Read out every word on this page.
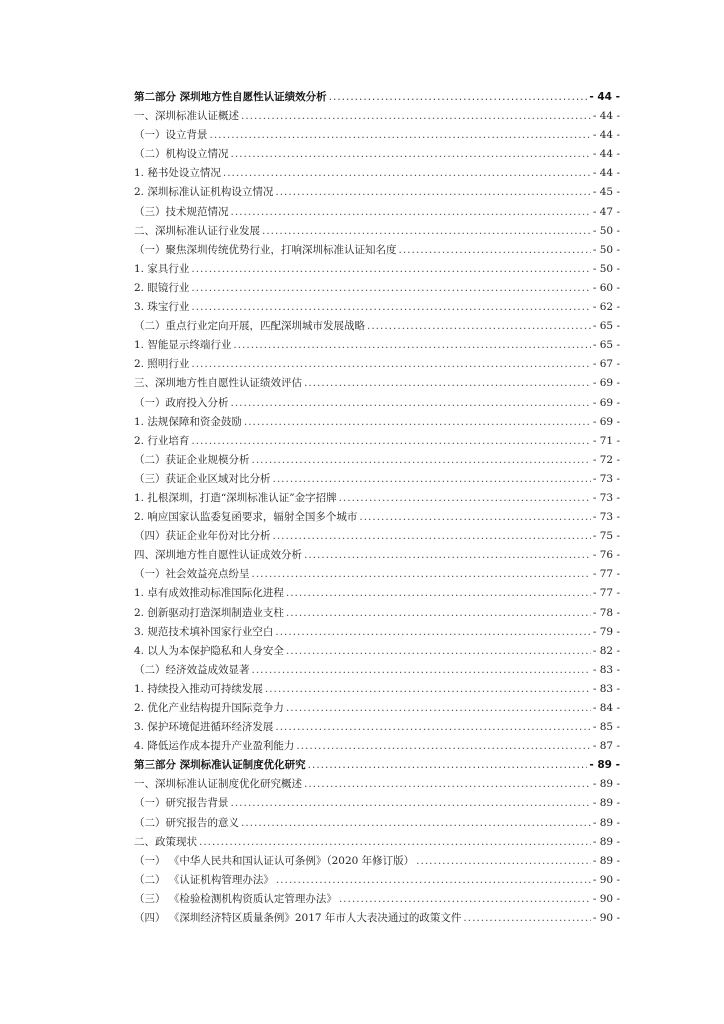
第二部分 深圳地方性自愿性认证绩效分析 .....	- 44 -
一、深圳标准认证概述 .....	- 44 -
（一）设立背景 .....	- 44 -
（二）机构设立情况 .....	- 44 -
1. 秘书处设立情况 .....	- 44 -
2. 深圳标准认证机构设立情况 .....	- 45 -
（三）技术规范情况 .....	- 47 -
二、深圳标准认证行业发展 .....	- 50 -
（一）聚焦深圳传统优势行业，打响深圳标准认证知名度 .....	- 50 -
1. 家具行业 .....	- 50 -
2. 眼镜行业 .....	- 60 -
3. 珠宝行业 .....	- 62 -
（二）重点行业定向开展，匹配深圳城市发展战略 .....	- 65 -
1. 智能显示终端行业 .....	- 65 -
2. 照明行业 .....	- 67 -
三、深圳地方性自愿性认证绩效评估 .....	- 69 -
（一）政府投入分析 .....	- 69 -
1. 法规保障和资金鼓励 .....	- 69 -
2. 行业培育 .....	- 71 -
（二）获证企业规模分析 .....	- 72 -
（三）获证企业区域对比分析 .....	- 73 -
1. 扎根深圳，打造“深圳标准认证”金字招牌 .....	- 73 -
2. 响应国家认监委复函要求，辐射全国多个城市 .....	- 73 -
（四）获证企业年份对比分析 .....	- 75 -
四、深圳地方性自愿性认证成效分析 .....	- 76 -
（一）社会效益亮点纷呈 .....	- 77 -
1. 卓有成效推动标准国际化进程 .....	- 77 -
2. 创新驱动打造深圳制造业支柱 .....	- 78 -
3. 规范技术填补国家行业空白 .....	- 79 -
4. 以人为本保护隐私和人身安全 .....	- 82 -
（二）经济效益成效显著 .....	- 83 -
1. 持续投入推动可持续发展 .....	- 83 -
2. 优化产业结构提升国际竞争力 .....	- 84 -
3. 保护环境促进循环经济发展 .....	- 85 -
4. 降低运作成本提升产业盈利能力 .....	- 87 -
第三部分 深圳标准认证制度优化研究 .....	- 89 -
一、深圳标准认证制度优化研究概述 .....	- 89 -
（一）研究报告背景 .....	- 89 -
（二）研究报告的意义 .....	- 89 -
二、政策现状 .....	- 89 -
（一） 《中华人民共和国认证认可条例》（2020 年修订版） .....	- 89 -
（二） 《认证机构管理办法》 .....	- 90 -
（三） 《检验检测机构资质认定管理办法》 .....	- 90 -
（四） 《深圳经济特区质量条例》2017 年市人大表决通过的政策文件 .....	- 90 -
